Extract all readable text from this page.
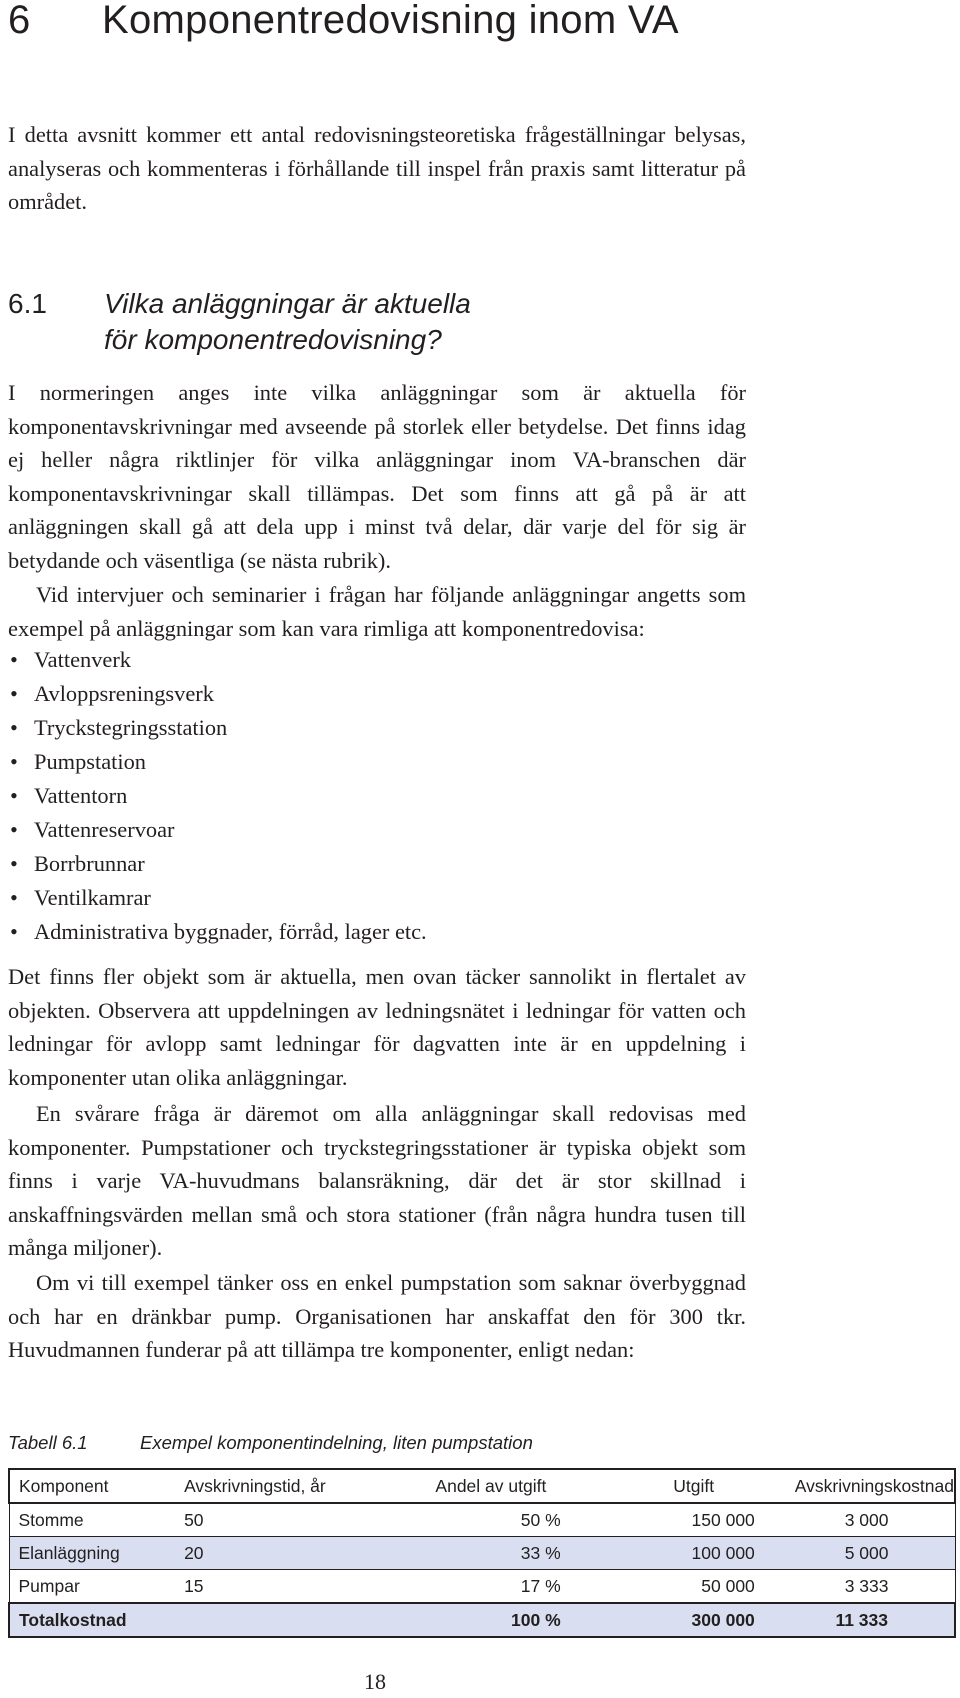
6 Komponentredovisning inom VA

I detta avsnitt kommer ett antal redovisningsteoretiska frågeställningar belysas, analyseras och kommenteras i förhållande till inspel från praxis samt litteratur på området.

6.1 Vilka anläggningar är aktuella
för komponentredovisning?

I normeringen anges inte vilka anläggningar som är aktuella för komponentavskrivningar med avseende på storlek eller betydelse. Det finns idag ej heller några riktlinjer för vilka anläggningar inom VA-branschen där komponentavskrivningar skall tillämpas. Det som finns att gå på är att anläggningen skall gå att dela upp i minst två delar, där varje del för sig är betydande och väsentliga (se nästa rubrik).

Vid intervjuer och seminarier i frågan har följande anläggningar angetts som exempel på anläggningar som kan vara rimliga att komponentredovisa:

• Vattenverk
• Avloppsreningsverk
• Tryckstegringsstation
• Pumpstation
• Vattentorn
• Vattenreservoar
• Borrbrunnar
• Ventilkamrar
• Administrativa byggnader, förråd, lager etc.

Det finns fler objekt som är aktuella, men ovan täcker sannolikt in flertalet av objekten. Observera att uppdelningen av ledningsnätet i ledningar för vatten och ledningar för avlopp samt ledningar för dagvatten inte är en uppdelning i komponenter utan olika anläggningar.

En svårare fråga är däremot om alla anläggningar skall redovisas med komponenter. Pumpstationer och tryckstegringsstationer är typiska objekt som finns i varje VA-huvudmans balansräkning, där det är stor skillnad i anskaffningsvärden mellan små och stora stationer (från några hundra tusen till många miljoner).

Om vi till exempel tänker oss en enkel pumpstation som saknar överbyggnad och har en dränkbar pump. Organisationen har anskaffat den för 300 tkr. Huvudmannen funderar på att tillämpa tre komponenter, enligt nedan:

Tabell 6.1	Exempel komponentindelning, liten pumpstation
Komponent	Avskrivningstid, år	Andel av utgift	Utgift	Avskrivningskostnad
Stomme	50	50 %	150 000	3 000
Elanläggning	20	33 %	100 000	5 000
Pumpar	15	17 %	50 000	3 333
Totalkostnad		100 %	300 000	11 333
18
